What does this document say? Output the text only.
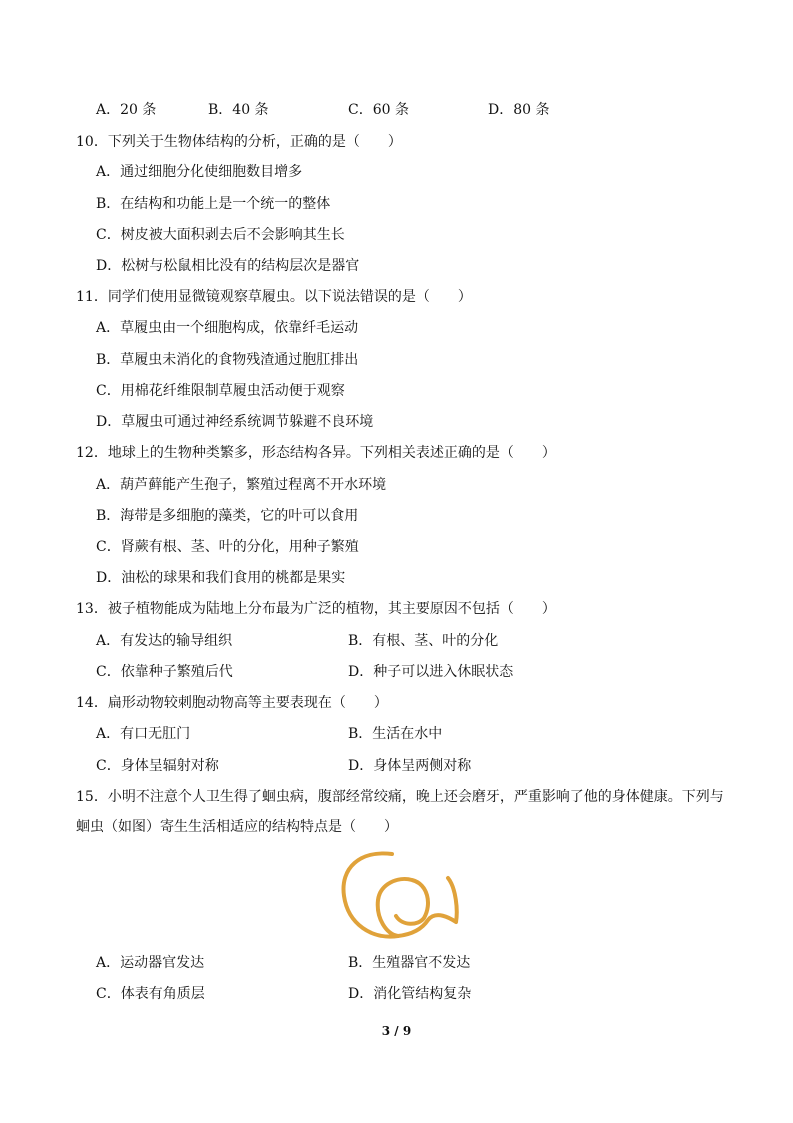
A．20 条	B．40 条	C．60 条	D．80 条
10．下列关于生物体结构的分析，正确的是（　　）
A．通过细胞分化使细胞数目增多
B．在结构和功能上是一个统一的整体
C．树皮被大面积剥去后不会影响其生长
D．松树与松鼠相比没有的结构层次是器官
11．同学们使用显微镜观察草履虫。以下说法错误的是（　　）
A．草履虫由一个细胞构成，依靠纤毛运动
B．草履虫未消化的食物残渣通过胞肛排出
C．用棉花纤维限制草履虫活动便于观察
D．草履虫可通过神经系统调节躲避不良环境
12．地球上的生物种类繁多，形态结构各异。下列相关表述正确的是（　　）
A．葫芦藓能产生孢子，繁殖过程离不开水环境
B．海带是多细胞的藻类，它的叶可以食用
C．肾蕨有根、茎、叶的分化，用种子繁殖
D．油松的球果和我们食用的桃都是果实
13．被子植物能成为陆地上分布最为广泛的植物，其主要原因不包括（　　）
A．有发达的输导组织	B．有根、茎、叶的分化
C．依靠种子繁殖后代	D．种子可以进入休眠状态
14．扁形动物较刺胞动物高等主要表现在（　　）
A．有口无肛门	B．生活在水中
C．身体呈辐射对称	D．身体呈两侧对称
15．小明不注意个人卫生得了蛔虫病，腹部经常绞痛，晚上还会磨牙，严重影响了他的身体健康。下列与
蛔虫（如图）寄生生活相适应的结构特点是（　　）
A．运动器官发达	B．生殖器官不发达
C．体表有角质层	D．消化管结构复杂
3 / 9
